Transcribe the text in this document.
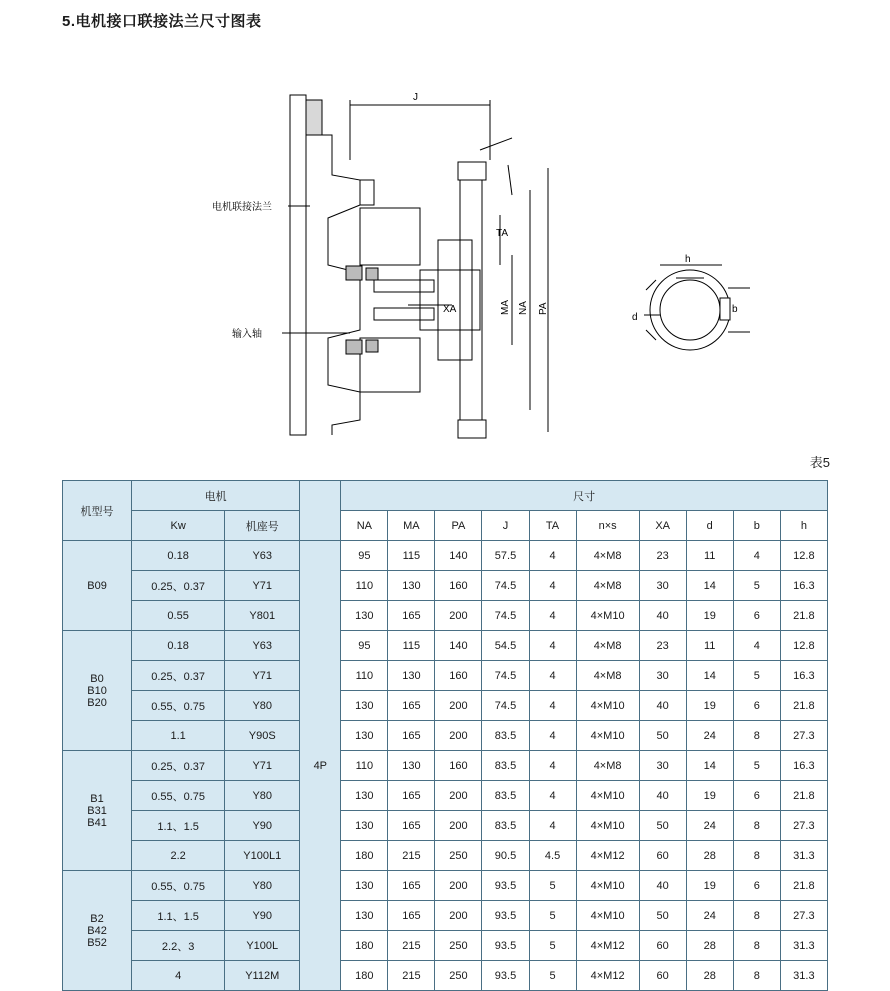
5.电机接口联接法兰尺寸图表
J
TA
XA	MA NA PA
h
d
b
电机联接法兰
输入轴
表5
机型号	电机			尺寸									
	Kw	机座号		NA	MA	PA	J	TA	n×s	XA	d	b	h

B09	0.18	Y63	4P	95	115	140	57.5	4	4×M8	23	11	4	12.8
	0.25、0.37	Y71		110	130	160	74.5	4	4×M8	30	14	5	16.3
	0.55	Y801		130	165	200	74.5	4	4×M10	40	19	6	21.8

B0
B10
B20	0.18	Y63		95	115	140	54.5	4	4×M8	23	11	4	12.8
	0.25、0.37	Y71		110	130	160	74.5	4	4×M8	30	14	5	16.3
	0.55、0.75	Y80		130	165	200	74.5	4	4×M10	40	19	6	21.8
	1.1	Y90S		130	165	200	83.5	4	4×M10	50	24	8	27.3

B1
B31
B41	0.25、0.37	Y71		110	130	160	83.5	4	4×M8	30	14	5	16.3
	0.55、0.75	Y80		130	165	200	83.5	4	4×M10	40	19	6	21.8
	1.1、1.5	Y90		130	165	200	83.5	4	4×M10	50	24	8	27.3
	2.2	Y100L1		180	215	250	90.5	4.5	4×M12	60	28	8	31.3

B2
B42
B52	0.55、0.75	Y80		130	165	200	93.5	5	4×M10	40	19	6	21.8
	1.1、1.5	Y90		130	165	200	93.5	5	4×M10	50	24	8	27.3
	2.2、3	Y100L		180	215	250	93.5	5	4×M12	60	28	8	31.3
	4	Y112M		180	215	250	93.5	5	4×M12	60	28	8	31.3
